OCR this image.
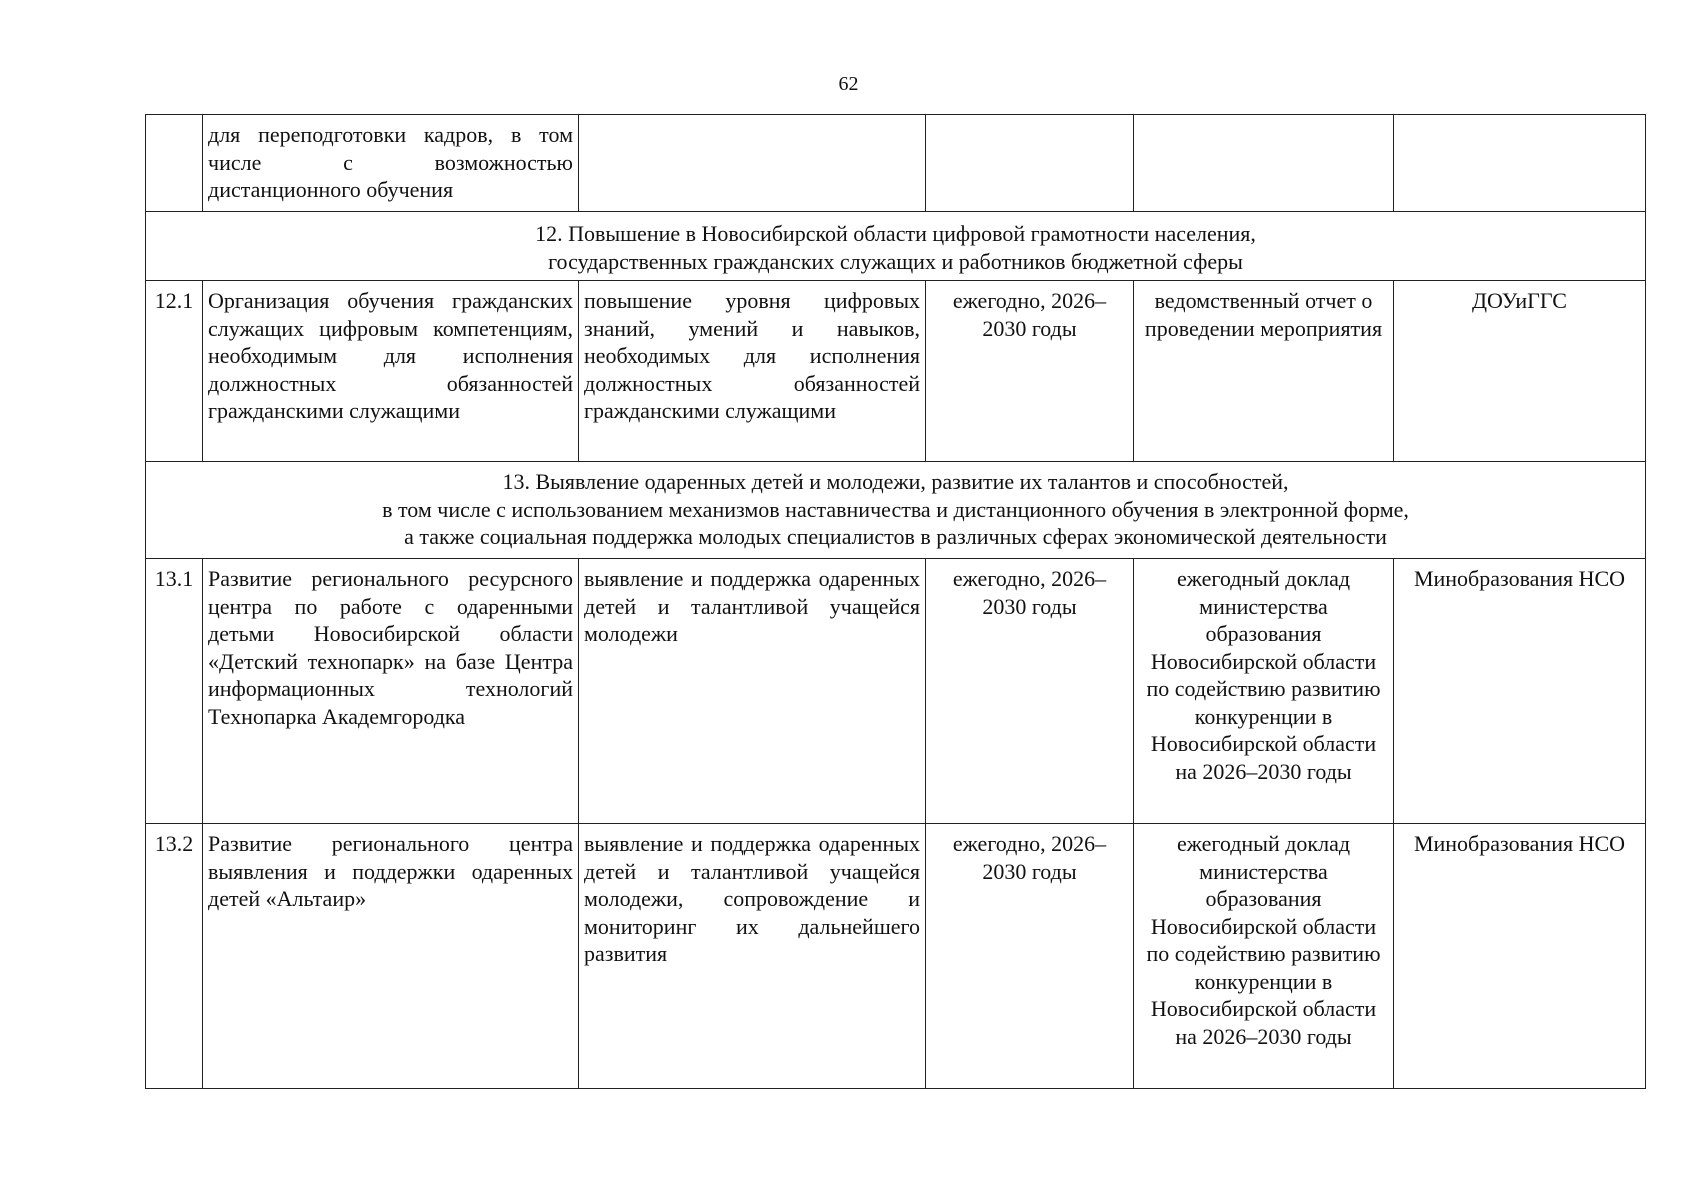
62
	для переподготовки кадров, в том числе с возможностью дистанционного обучения				

12. Повышение в Новосибирской области цифровой грамотности населения,
государственных гражданских служащих и работников бюджетной сферы					

12.1	Организация обучения гражданских служащих цифровым компетенциям, необходимым для исполнения должностных обязанностей гражданскими служащими	повышение уровня цифровых знаний, умений и навыков, необходимых для исполнения должностных обязанностей гражданскими служащими	ежегодно, 2026–2030 годы	ведомственный отчет о проведении мероприятия	ДОУиГГС

13. Выявление одаренных детей и молодежи, развитие их талантов и способностей,
в том числе с использованием механизмов наставничества и дистанционного обучения в электронной форме,
а также социальная поддержка молодых специалистов в различных сферах экономической деятельности					

13.1	Развитие регионального ресурсного центра по работе с одаренными детьми Новосибирской области «Детский технопарк» на базе Центра информационных технологий Технопарка Академгородка	выявление и поддержка одаренных детей и талантливой учащейся молодежи	ежегодно, 2026–2030 годы	ежегодный доклад министерства образования Новосибирской области по содействию развитию конкуренции в Новосибирской области на 2026–2030 годы	Минобразования НСО
13.2	Развитие регионального центра выявления и поддержки одаренных детей «Альтаир»	выявление и поддержка одаренных детей и талантливой учащейся молодежи, сопровождение и мониторинг их дальнейшего развития	ежегодно, 2026–2030 годы	ежегодный доклад министерства образования Новосибирской области по содействию развитию конкуренции в Новосибирской области на 2026–2030 годы	Минобразования НСО
